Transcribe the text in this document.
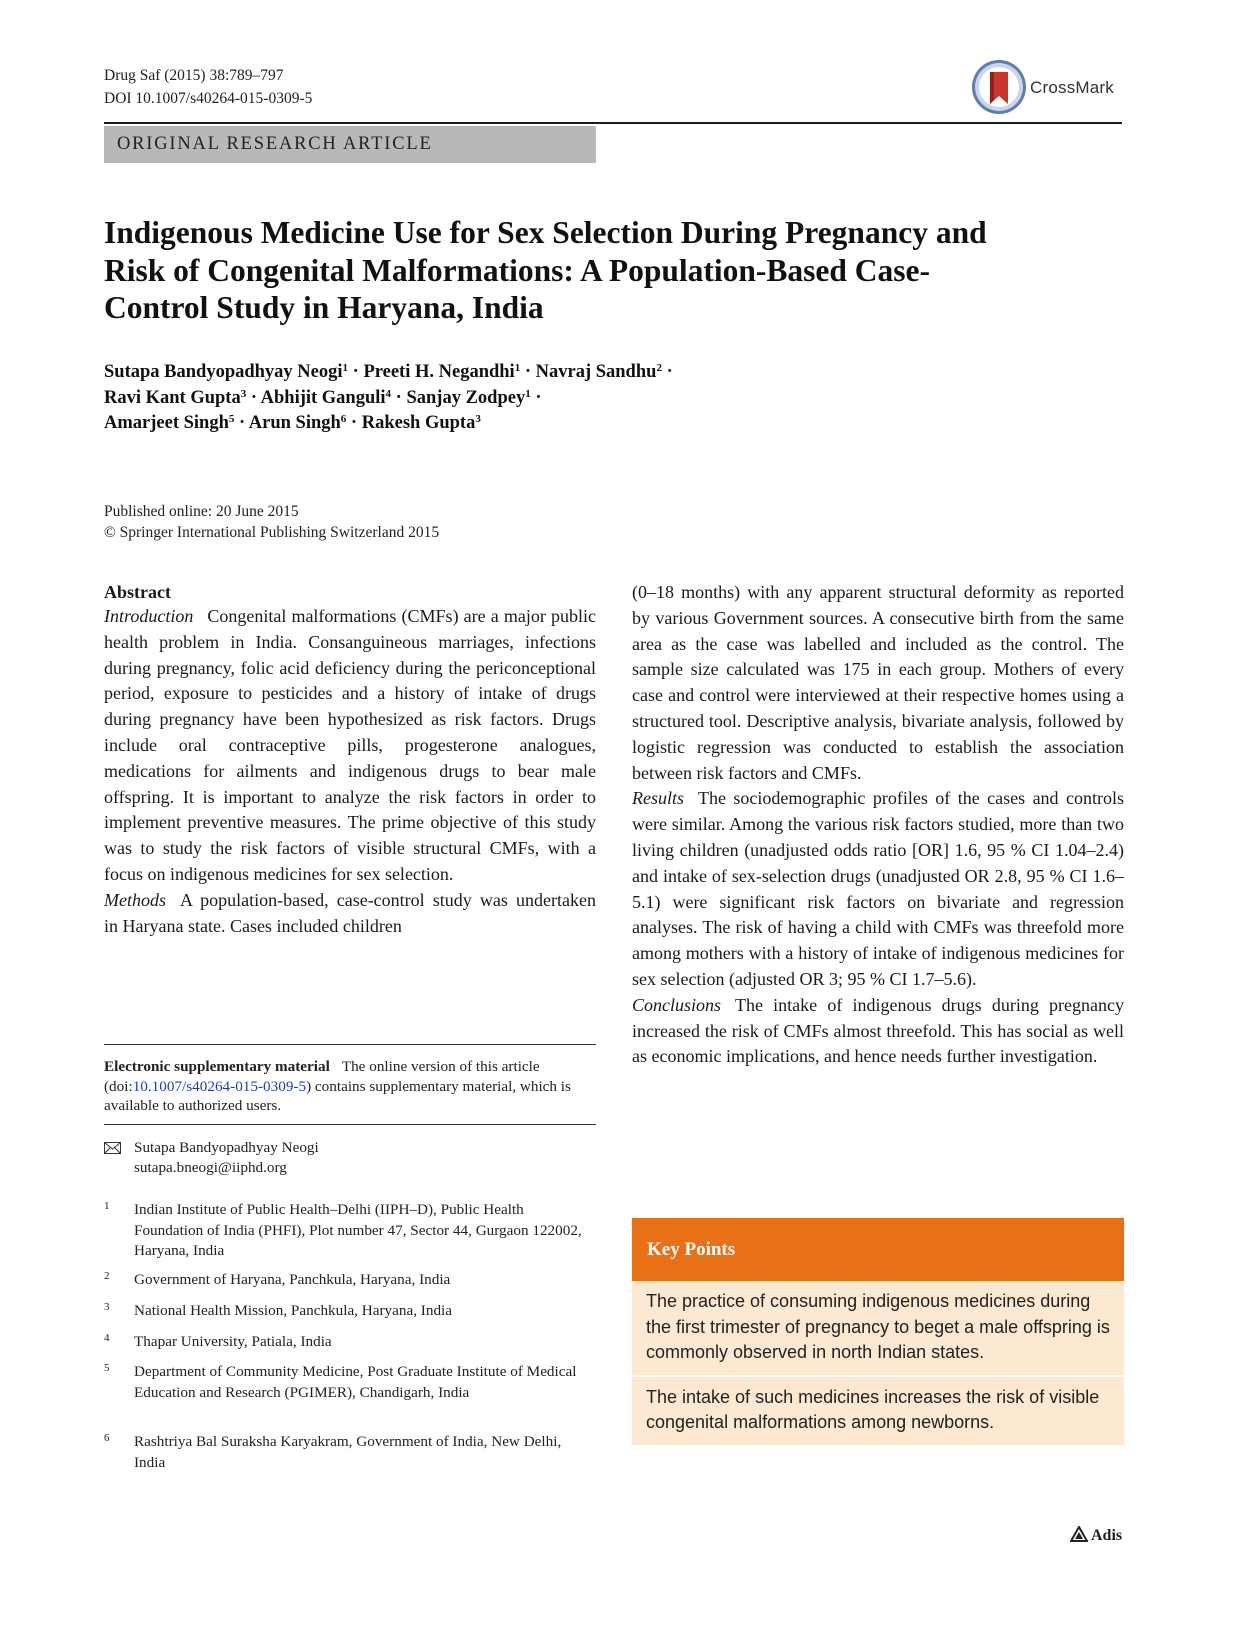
Drug Saf (2015) 38:789–797
DOI 10.1007/s40264-015-0309-5
CrossMark
ORIGINAL RESEARCH ARTICLE
Indigenous Medicine Use for Sex Selection During Pregnancy and Risk of Congenital Malformations: A Population-Based Case-Control Study in Haryana, India
Sutapa Bandyopadhyay Neogi$^1$ · Preeti H. Negandhi$^1$ · Navraj Sandhu$^2$ ·
Ravi Kant Gupta$^3$ · Abhijit Ganguli$^4$ · Sanjay Zodpey$^1$ ·
Amarjeet Singh$^5$ · Arun Singh$^6$ · Rakesh Gupta$^3$
Published online: 20 June 2015
© Springer International Publishing Switzerland 2015
Abstract

Introduction Congenital malformations (CMFs) are a major public health problem in India. Consanguineous marriages, infections during pregnancy, folic acid deficiency during the periconceptional period, exposure to pesticides and a history of intake of drugs during pregnancy have been hypothesized as risk factors. Drugs include oral contraceptive pills, progesterone analogues, medications for ailments and indigenous drugs to bear male offspring. It is important to analyze the risk factors in order to implement preventive measures. The prime objective of this study was to study the risk factors of visible structural CMFs, with a focus on indigenous medicines for sex selection.

Methods A population-based, case-control study was undertaken in Haryana state. Cases included children

Electronic supplementary material The online version of this article (doi:10.1007/s40264-015-0309-5) contains supplementary material, which is available to authorized users.
Sutapa Bandyopadhyay Neogi
sutapa.bneogi@iiphd.org
1 Indian Institute of Public Health–Delhi (IIPH–D), Public Health Foundation of India (PHFI), Plot number 47, Sector 44, Gurgaon 122002, Haryana, India
2 Government of Haryana, Panchkula, Haryana, India
3 National Health Mission, Panchkula, Haryana, India
4 Thapar University, Patiala, India
5 Department of Community Medicine, Post Graduate Institute of Medical Education and Research (PGIMER), Chandigarh, India
6 Rashtriya Bal Suraksha Karyakram, Government of India, New Delhi, India

(0–18 months) with any apparent structural deformity as reported by various Government sources. A consecutive birth from the same area as the case was labelled and included as the control. The sample size calculated was 175 in each group. Mothers of every case and control were interviewed at their respective homes using a structured tool. Descriptive analysis, bivariate analysis, followed by logistic regression was conducted to establish the association between risk factors and CMFs.

Results The sociodemographic profiles of the cases and controls were similar. Among the various risk factors studied, more than two living children (unadjusted odds ratio [OR] 1.6, 95 % CI 1.04–2.4) and intake of sex-selection drugs (unadjusted OR 2.8, 95 % CI 1.6–5.1) were significant risk factors on bivariate and regression analyses. The risk of having a child with CMFs was threefold more among mothers with a history of intake of indigenous medicines for sex selection (adjusted OR 3; 95 % CI 1.7–5.6).

Conclusions The intake of indigenous drugs during pregnancy increased the risk of CMFs almost threefold. This has social as well as economic implications, and hence needs further investigation.

Key Points
The practice of consuming indigenous medicines during the first trimester of pregnancy to beget a male offspring is commonly observed in north Indian states.
The intake of such medicines increases the risk of visible congenital malformations among newborns.
Adis
